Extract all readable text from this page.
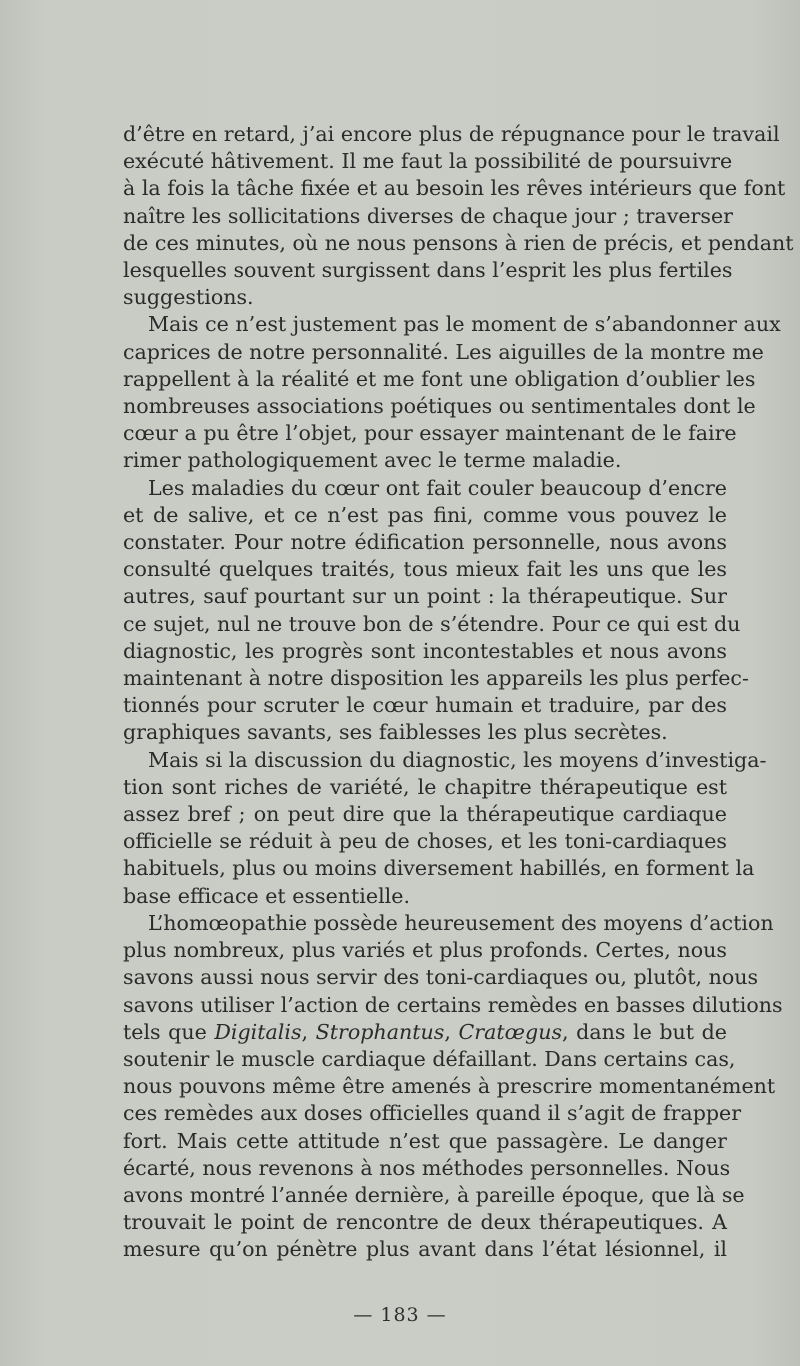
d’être en retard, j’ai encore plus de répugnance pour le travail
exécuté hâtivement. Il me faut la possibilité de poursuivre
à la fois la tâche fixée et au besoin les rêves intérieurs que font
naître les sollicitations diverses de chaque jour ; traverser
de ces minutes, où ne nous pensons à rien de précis, et pendant
lesquelles souvent surgissent dans l’esprit les plus fertiles
suggestions.
Mais ce n’est justement pas le moment de s’abandonner aux
caprices de notre personnalité. Les aiguilles de la montre me
rappellent à la réalité et me font une obligation d’oublier les
nombreuses associations poétiques ou sentimentales dont le
cœur a pu être l’objet, pour essayer maintenant de le faire
rimer pathologiquement avec le terme maladie.
Les maladies du cœur ont fait couler beaucoup d’encre
et de salive, et ce n’est pas fini, comme vous pouvez le
constater. Pour notre édification personnelle, nous avons
consulté quelques traités, tous mieux fait les uns que les
autres, sauf pourtant sur un point : la thérapeutique. Sur
ce sujet, nul ne trouve bon de s’étendre. Pour ce qui est du
diagnostic, les progrès sont incontestables et nous avons
maintenant à notre disposition les appareils les plus perfec-
tionnés pour scruter le cœur humain et traduire, par des
graphiques savants, ses faiblesses les plus secrètes.
Mais si la discussion du diagnostic, les moyens d’investiga-
tion sont riches de variété, le chapitre thérapeutique est
assez bref ; on peut dire que la thérapeutique cardiaque
officielle se réduit à peu de choses, et les toni-cardiaques
habituels, plus ou moins diversement habillés, en forment la
base efficace et essentielle.
L’homœopathie possède heureusement des moyens d’action
plus nombreux, plus variés et plus profonds. Certes, nous
savons aussi nous servir des toni-cardiaques ou, plutôt, nous
savons utiliser l’action de certains remèdes en basses dilutions
tels que Digitalis, Strophantus, Cratœgus, dans le but de
soutenir le muscle cardiaque défaillant. Dans certains cas,
nous pouvons même être amenés à prescrire momentanément
ces remèdes aux doses officielles quand il s’agit de frapper
fort. Mais cette attitude n’est que passagère. Le danger
écarté, nous revenons à nos méthodes personnelles. Nous
avons montré l’année dernière, à pareille époque, que là se
trouvait le point de rencontre de deux thérapeutiques. A
mesure qu’on pénètre plus avant dans l’état lésionnel, il
— 183 —
